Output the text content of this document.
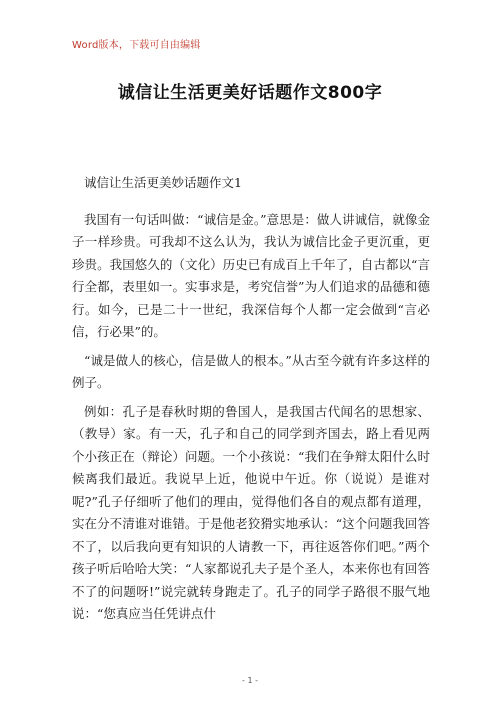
Word版本，下载可自由编辑
诚信让生活更美好话题作文800字

诚信让生活更美妙话题作文1

我国有一句话叫做：“诚信是金。”意思是：做人讲诚信，就像金子一样珍贵。可我却不这么认为，我认为诚信比金子更沉重，更珍贵。我国悠久的（文化）历史已有成百上千年了，自古都以“言行全都，表里如一。实事求是，考究信誉”为人们追求的品德和德行。如今，已是二十一世纪，我深信每个人都一定会做到“言必信，行必果”的。

“诚是做人的核心，信是做人的根本。”从古至今就有许多这样的例子。

例如：孔子是春秋时期的鲁国人，是我国古代闻名的思想家、（教导）家。有一天，孔子和自己的同学到齐国去，路上看见两个小孩正在（辩论）问题。一个小孩说：“我们在争辩太阳什么时候离我们最近。我说早上近，他说中午近。你（说说）是谁对呢?”孔子仔细听了他们的理由，觉得他们各自的观点都有道理，实在分不清谁对谁错。于是他老狡猾实地承认：“这个问题我回答不了，以后我向更有知识的人请教一下，再往返答你们吧。”两个孩子听后哈哈大笑：“人家都说孔夫子是个圣人，本来你也有回答不了的问题呀!”说完就转身跑走了。孔子的同学子路很不服气地说：“您真应当任凭讲点什

- 1 -
